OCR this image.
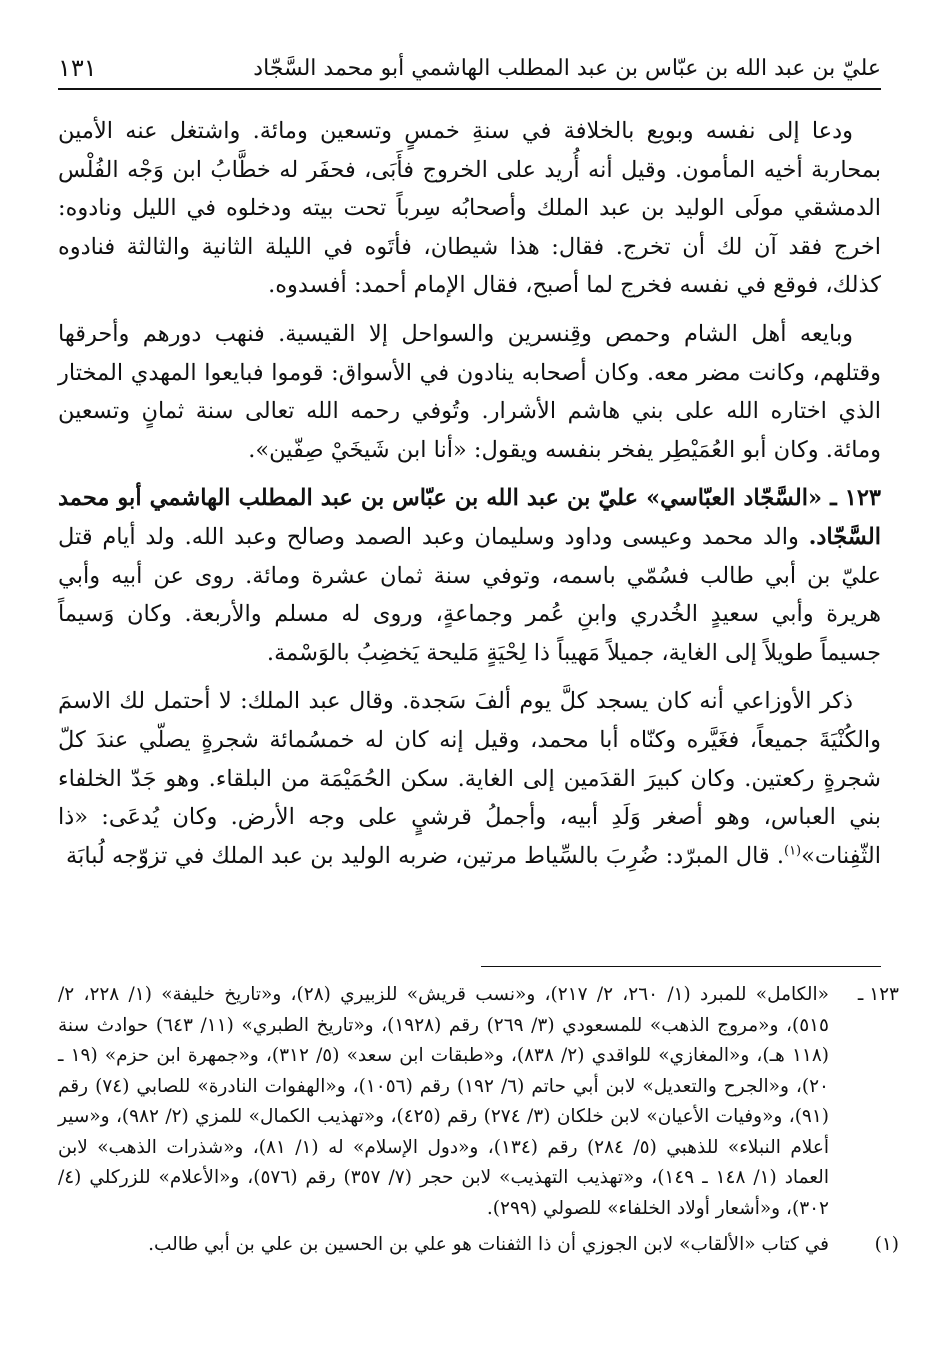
عليّ بن عبد الله بن عبّاس بن عبد المطلب الهاشمي أبو محمد السَّجّاد
١٣١

ودعا إلى نفسه وبويع بالخلافة في سنةِ خمسٍ وتسعين ومائة. واشتغل عنه الأمين بمحاربة أخيه المأمون. وقيل أنه أُريد على الخروج فأَبَى، فحفَر له خطَّابُ ابن وَجْه الفُلْس الدمشقي مولَى الوليد بن عبد الملك وأصحابُه سِرباً تحت بيته ودخلوه في الليل ونادوه: اخرج فقد آن لك أن تخرج. فقال: هذا شيطان، فأتَوه في الليلة الثانية والثالثة فنادوه كذلك، فوقع في نفسه فخرج لما أصبح، فقال الإمام أحمد: أفسدوه.

وبايعه أهل الشام وحمص وقِنسرين والسواحل إلا القيسية. فنهب دورهم وأحرقها وقتلهم، وكانت مضر معه. وكان أصحابه ينادون في الأسواق: قوموا فبايعوا المهدي المختار الذي اختاره الله على بني هاشم الأشرار. وتُوفي رحمه الله تعالى سنة ثمانٍ وتسعين ومائة. وكان أبو العُمَيْطِر يفخر بنفسه ويقول: «أنا ابن شَيخَيْ صِفّين».

١٢٣ ـ «السَّجّاد العبّاسي» عليّ بن عبد الله بن عبّاس بن عبد المطلب الهاشمي أبو محمد السَّجّاد. والد محمد وعيسى وداود وسليمان وعبد الصمد وصالح وعبد الله. ولد أيام قتل عليّ بن أبي طالب فسُمّي باسمه، وتوفي سنة ثمان عشرة ومائة. روى عن أبيه وأبي هريرة وأبي سعيدٍ الخُدري وابنِ عُمر وجماعةٍ، وروى له مسلم والأربعة. وكان وَسيماً جسيماً طويلاً إلى الغاية، جميلاً مَهيباً ذا لِحْيَةٍ مَليحة يَخضِبُ بالوَسْمة.

ذكر الأوزاعي أنه كان يسجد كلَّ يوم ألفَ سَجدة. وقال عبد الملك: لا أحتمل لك الاسمَ والكُنْيَةَ جميعاً، فغَيَّره وكنّاه أبا محمد، وقيل إنه كان له خمسُمائة شجرةٍ يصلّي عندَ كلّ شجرةٍ ركعتين. وكان كبيرَ القدَمين إلى الغاية. سكن الحُمَيْمَة من البلقاء. وهو جَدّ الخلفاء بني العباس، وهو أصغر وَلَدِ أبيه، وأجملُ قرشيٍ على وجه الأرض. وكان يُدعَى: «ذا الثّفِنات»$^{(١)}$. قال المبرّد: ضُرِبَ بالسِّياط مرتين، ضربه الوليد بن عبد الملك في تزوّجه لُبابَة

١٢٣ ـ
«الكامل» للمبرد (١/ ٢٦٠، ٢/ ٢١٧)، و«نسب قريش» للزبيري (٢٨)، و«تاريخ خليفة» (١/ ٢٢٨، ٢/ ٥١٥)، و«مروج الذهب» للمسعودي (٣/ ٢٦٩) رقم (١٩٢٨)، و«تاريخ الطبري» (١١/ ٦٤٣) حوادث سنة (١١٨ هـ)، و«المغازي» للواقدي (٢/ ٨٣٨)، و«طبقات ابن سعد» (٥/ ٣١٢)، و«جمهرة ابن حزم» (١٩ ـ ٢٠)، و«الجرح والتعديل» لابن أبي حاتم (٦/ ١٩٢) رقم (١٠٥٦)، و«الهفوات النادرة» للصابي (٧٤) رقم (٩١)، و«وفيات الأعيان» لابن خلكان (٣/ ٢٧٤) رقم (٤٢٥)، و«تهذيب الكمال» للمزي (٢/ ٩٨٢)، و«سير أعلام النبلاء» للذهبي (٥/ ٢٨٤) رقم (١٣٤)، و«دول الإسلام» له (١/ ٨١)، و«شذرات الذهب» لابن العماد (١/ ١٤٨ ـ ١٤٩)، و«تهذيب التهذيب» لابن حجر (٧/ ٣٥٧) رقم (٥٧٦)، و«الأعلام» للزركلي (٤/ ٣٠٢)، و«أشعار أولاد الخلفاء» للصولي (٢٩٩).
(١)
في كتاب «الألقاب» لابن الجوزي أن ذا الثفنات هو علي بن الحسين بن علي بن أبي طالب.
